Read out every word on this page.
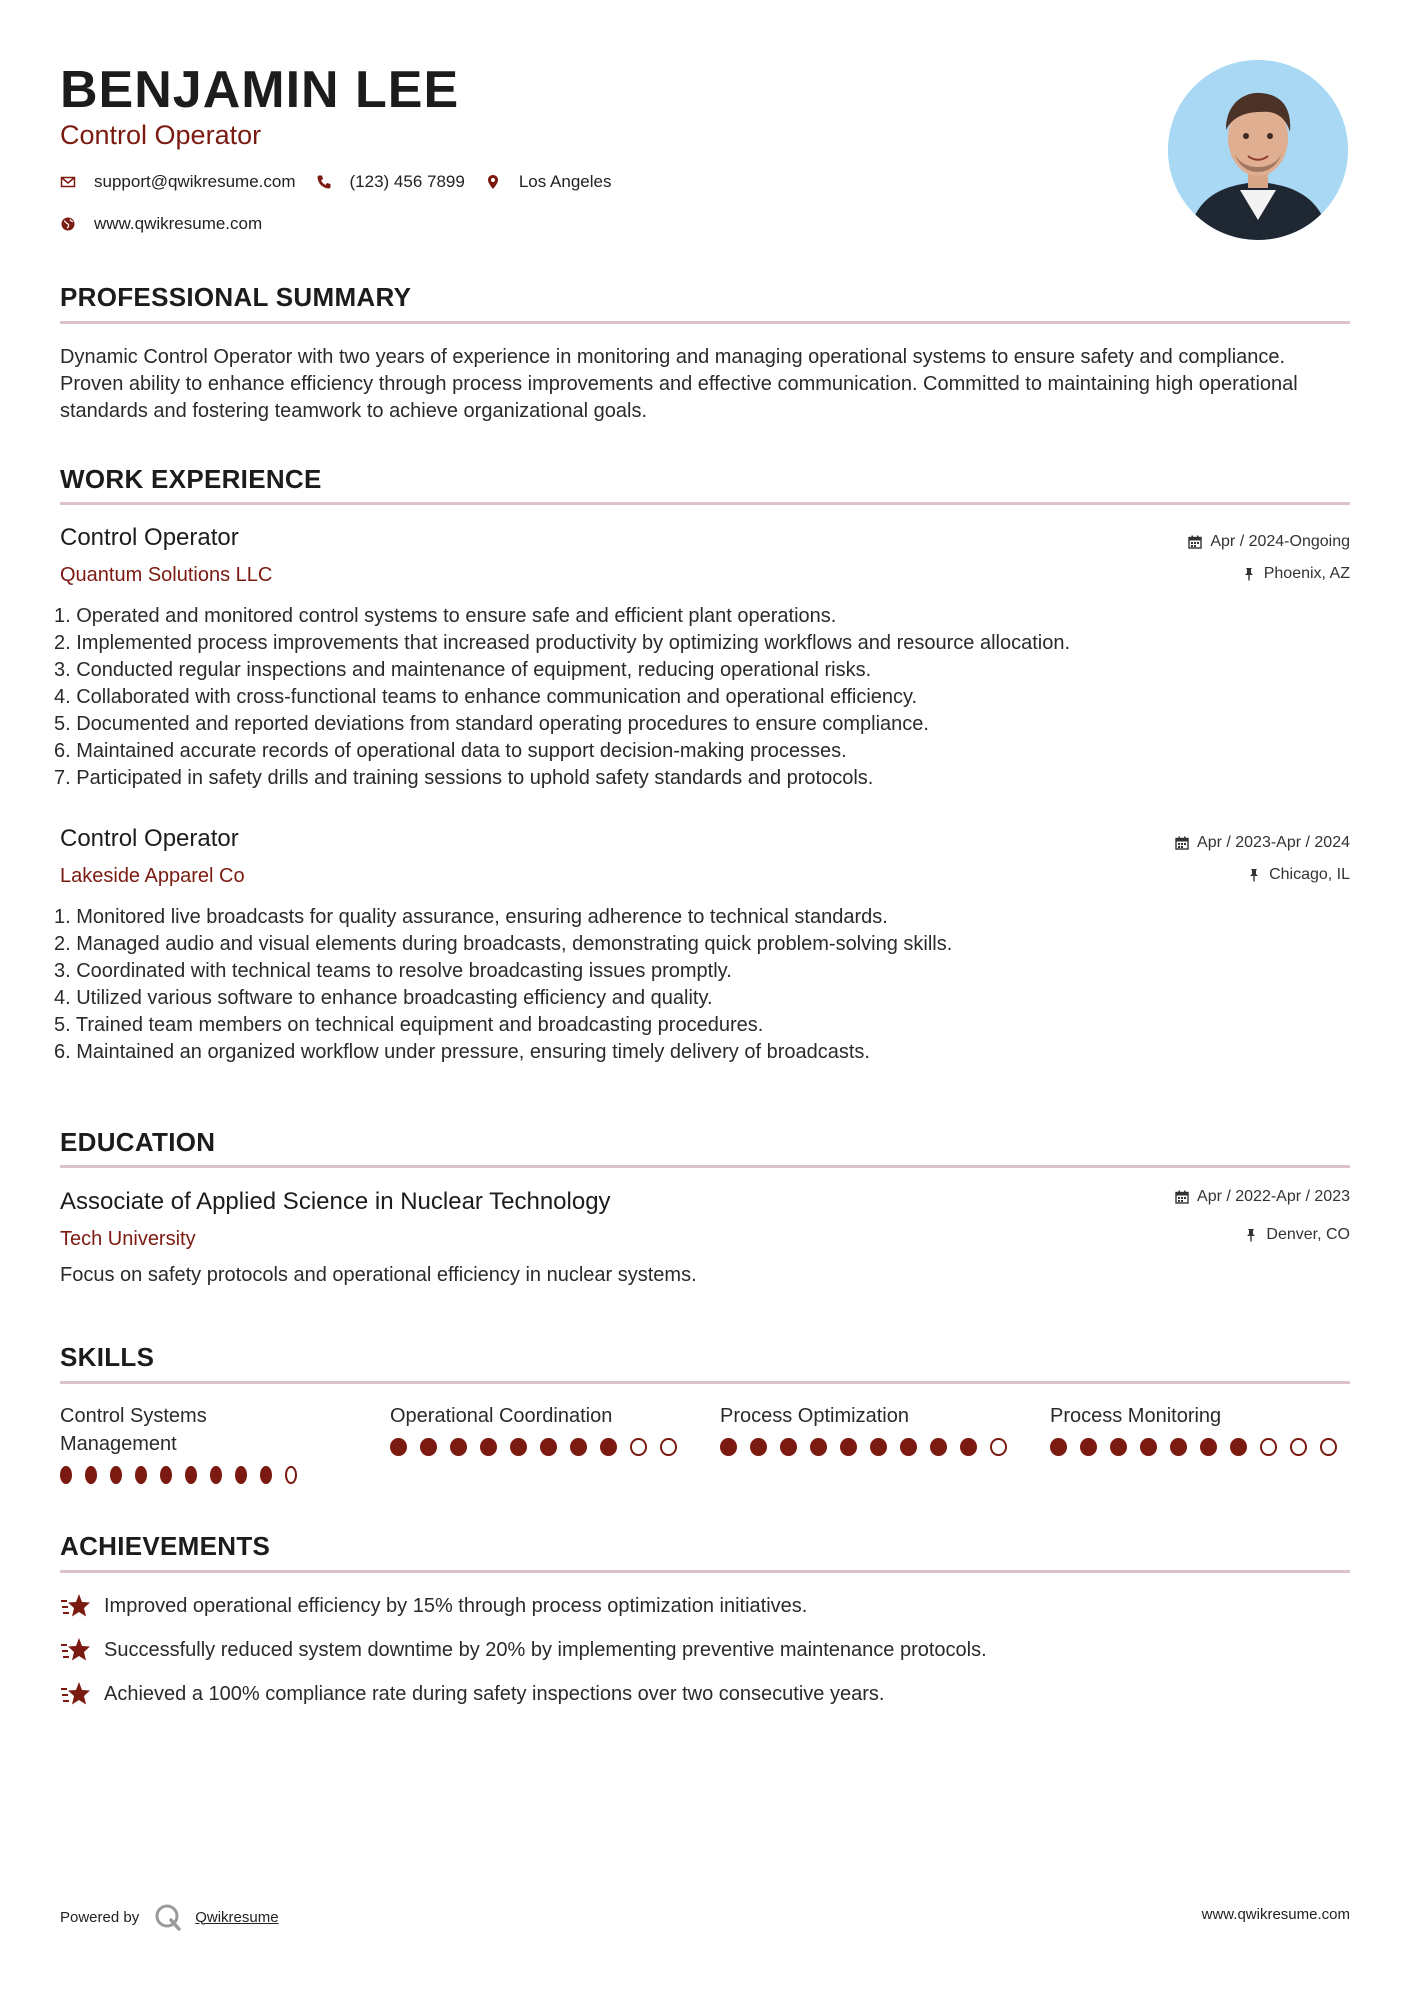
BENJAMIN LEE
Control Operator
support@qwikresume.com	(123) 456 7899	Los Angeles
www.qwikresume.com
PROFESSIONAL SUMMARY

Dynamic Control Operator with two years of experience in monitoring and managing operational systems to ensure safety and compliance. Proven ability to enhance efficiency through process improvements and effective communication. Committed to maintaining high operational standards and fostering teamwork to achieve organizational goals.

WORK EXPERIENCE
Control Operator
Quantum Solutions LLC
Apr / 2024-Ongoing
Phoenix, AZ
1. Operated and monitored control systems to ensure safe and efficient plant operations.
2. Implemented process improvements that increased productivity by optimizing workflows and resource allocation.
3. Conducted regular inspections and maintenance of equipment, reducing operational risks.
4. Collaborated with cross-functional teams to enhance communication and operational efficiency.
5. Documented and reported deviations from standard operating procedures to ensure compliance.
6. Maintained accurate records of operational data to support decision-making processes.
7. Participated in safety drills and training sessions to uphold safety standards and protocols.
Control Operator
Lakeside Apparel Co
Apr / 2023-Apr / 2024
Chicago, IL
1. Monitored live broadcasts for quality assurance, ensuring adherence to technical standards.
2. Managed audio and visual elements during broadcasts, demonstrating quick problem-solving skills.
3. Coordinated with technical teams to resolve broadcasting issues promptly.
4. Utilized various software to enhance broadcasting efficiency and quality.
5. Trained team members on technical equipment and broadcasting procedures.
6. Maintained an organized workflow under pressure, ensuring timely delivery of broadcasts.
EDUCATION
Associate of Applied Science in Nuclear Technology
Tech University
Apr / 2022-Apr / 2023
Denver, CO
Focus on safety protocols and operational efficiency in nuclear systems.
SKILLS
Control Systems Management
Operational Coordination	Process Optimization	Process Monitoring
ACHIEVEMENTS
Improved operational efficiency by 15% through process optimization initiatives.
Successfully reduced system downtime by 20% by implementing preventive maintenance protocols.
Achieved a 100% compliance rate during safety inspections over two consecutive years.
Powered by	Qwikresume	www.qwikresume.com
